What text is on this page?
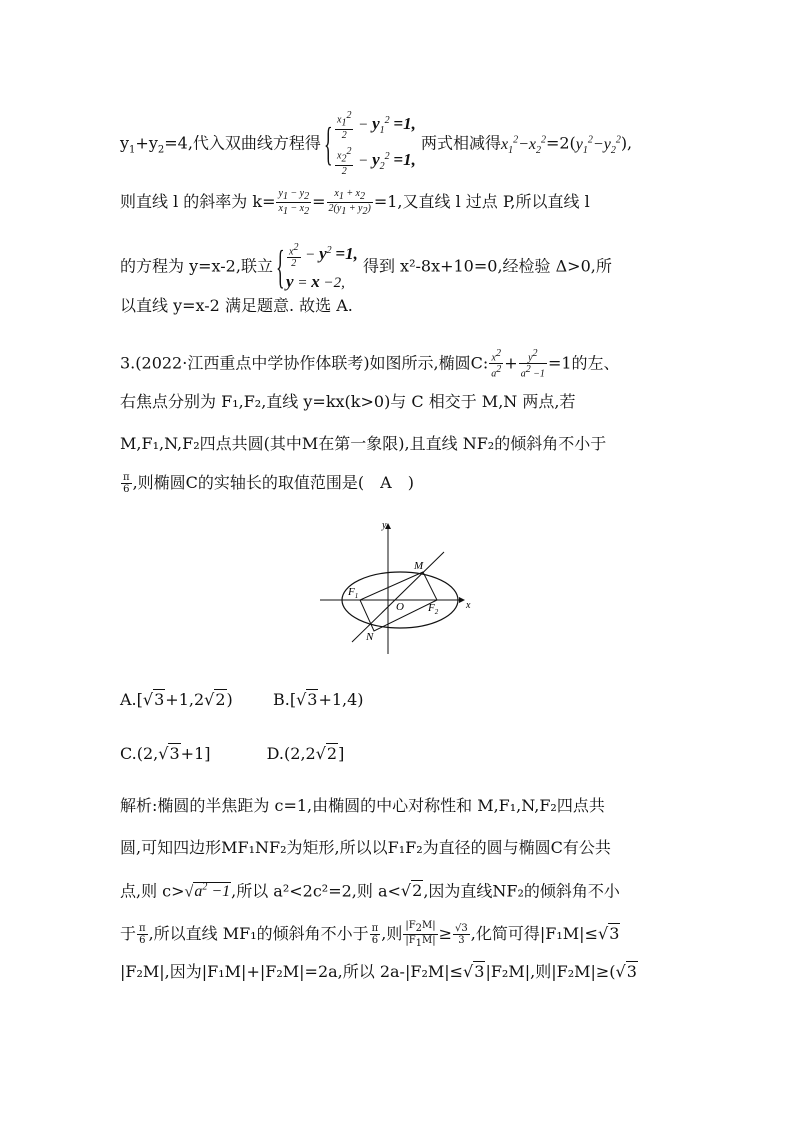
$y_1+y_2=4$,代入双曲线方程得
{ $\frac{x_1^2}{2} - y_1^2 =1$,
$\frac{x_2^2}{2} - y_2^2 =1$,
两式相减得$x_1^2-x_2^2=2(y_1^2-y_2^2)$,
则直线 l 的斜率为 $k= \frac{y_1 - y_2}{x_1 - x_2} = \frac{x_1 + x_2}{2(y_1 + y_2)} =1$,又直线 l 过点 P,所以直线 l
的方程为 y=x-2,联立
{ $\frac{x^2}{2} - y^2 =1$,
y = x −2,
得到 x²-8x+10=0,经检验 Δ>0,所
以直线 y=x-2 满足题意. 故选 A.
3.(2022·江西重点中学协作体联考)如图所示,椭圆C: $\frac{x^2}{a^2} + \frac{y^2}{a^2 -1} =1$的左、
右焦点分别为 F₁,F₂,直线 y=kx(k>0)与 C 相交于 M,N 两点,若
M,F₁,N,F₂四点共圆(其中M在第一象限),且直线 NF₂的倾斜角不小于
$\frac{\pi}{6}$ ,则椭圆C的实轴长的取值范围是(　A　)
y
x
M
N
O
$F_1$
$F_2$
A.[√3+1,2√2)	B.[√3+1,4)
C.(2,√3+1]	D.(2,2√2]
解析:椭圆的半焦距为 c=1,由椭圆的中心对称性和 M,F₁,N,F₂四点共
圆,可知四边形MF₁NF₂为矩形,所以以F₁F₂为直径的圆与椭圆C有公共
点,则 $c>√a^2 -1$,所以 a²<2c²=2,则 a<√2,因为直线NF₂的倾斜角不小
于 $\frac{\pi}{6}$ ,所以直线 MF₁的倾斜角不小于 $\frac{\pi}{6}$ ,则 $\frac{|F_2M|}{|F_1M|} \ge \frac{√3}{3}$ ,化简可得|F₁M|≤√3
|F₂M|,因为|F₁M|+|F₂M|=2a,所以 2a-|F₂M|≤√3|F₂M|,则|F₂M|≥(√3
